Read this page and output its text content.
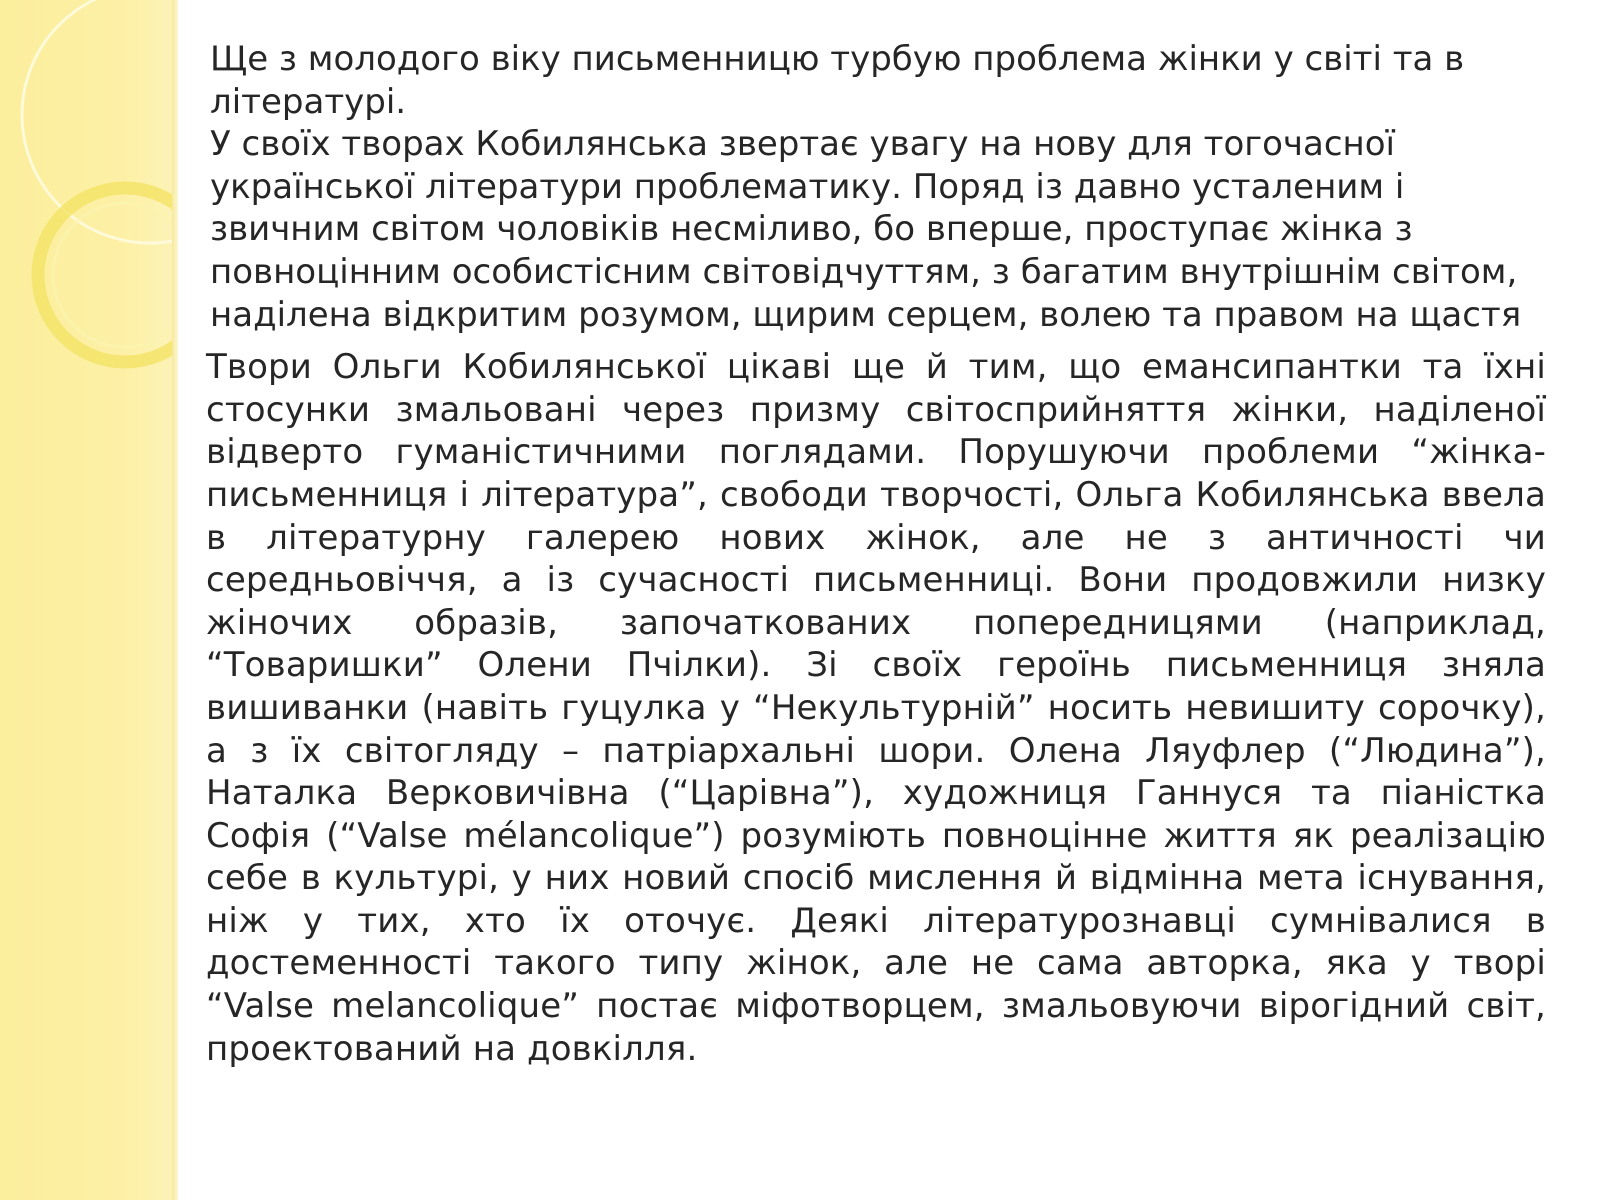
Ще з молодого віку письменницю турбую проблема жінки у світі та в літературі.
У своїх творах Кобилянська звертає увагу на нову для тогочасної української літератури проблематику. Поряд із давно усталеним і звичним світом чоловіків несміливо, бо вперше, проступає жінка з повноцінним особистісним світовідчуттям, з багатим внутрішнім світом, наділена відкритим розумом, щирим серцем, волею та правом на щастя

Твори Ольги Кобилянської цікаві ще й тим, що емансипантки та їхні стосунки змальовані через призму світосприйняття жінки, наділеної відверто гуманістичними поглядами. Порушуючи проблеми “жінка-письменниця і література”, свободи творчості, Ольга Кобилянська ввела в літературну галерею нових жінок, але не з античності чи середньовіччя, а із сучасності письменниці. Вони продовжили низку жіночих образів, започаткованих попередницями (наприклад, “Товаришки” Олени Пчілки). Зі своїх героїнь письменниця зняла вишиванки (навіть гуцулка у “Некультурній” носить невишиту сорочку), а з їх світогляду – патріархальні шори. Олена Ляуфлер (“Людина”), Наталка Верковичівна (“Царівна”), художниця Ганнуся та піаністка Софія (“Valse mélancolique”) розуміють повноцінне життя як реалізацію себе в культурі, у них новий спосіб мислення й відмінна мета існування, ніж у тих, хто їх оточує. Деякі літературознавці сумнівалися в достеменності такого типу жінок, але не сама авторка, яка у творі “Valse melancolique” постає міфотворцем, змальовуючи вірогідний світ, проектований на довкілля.
